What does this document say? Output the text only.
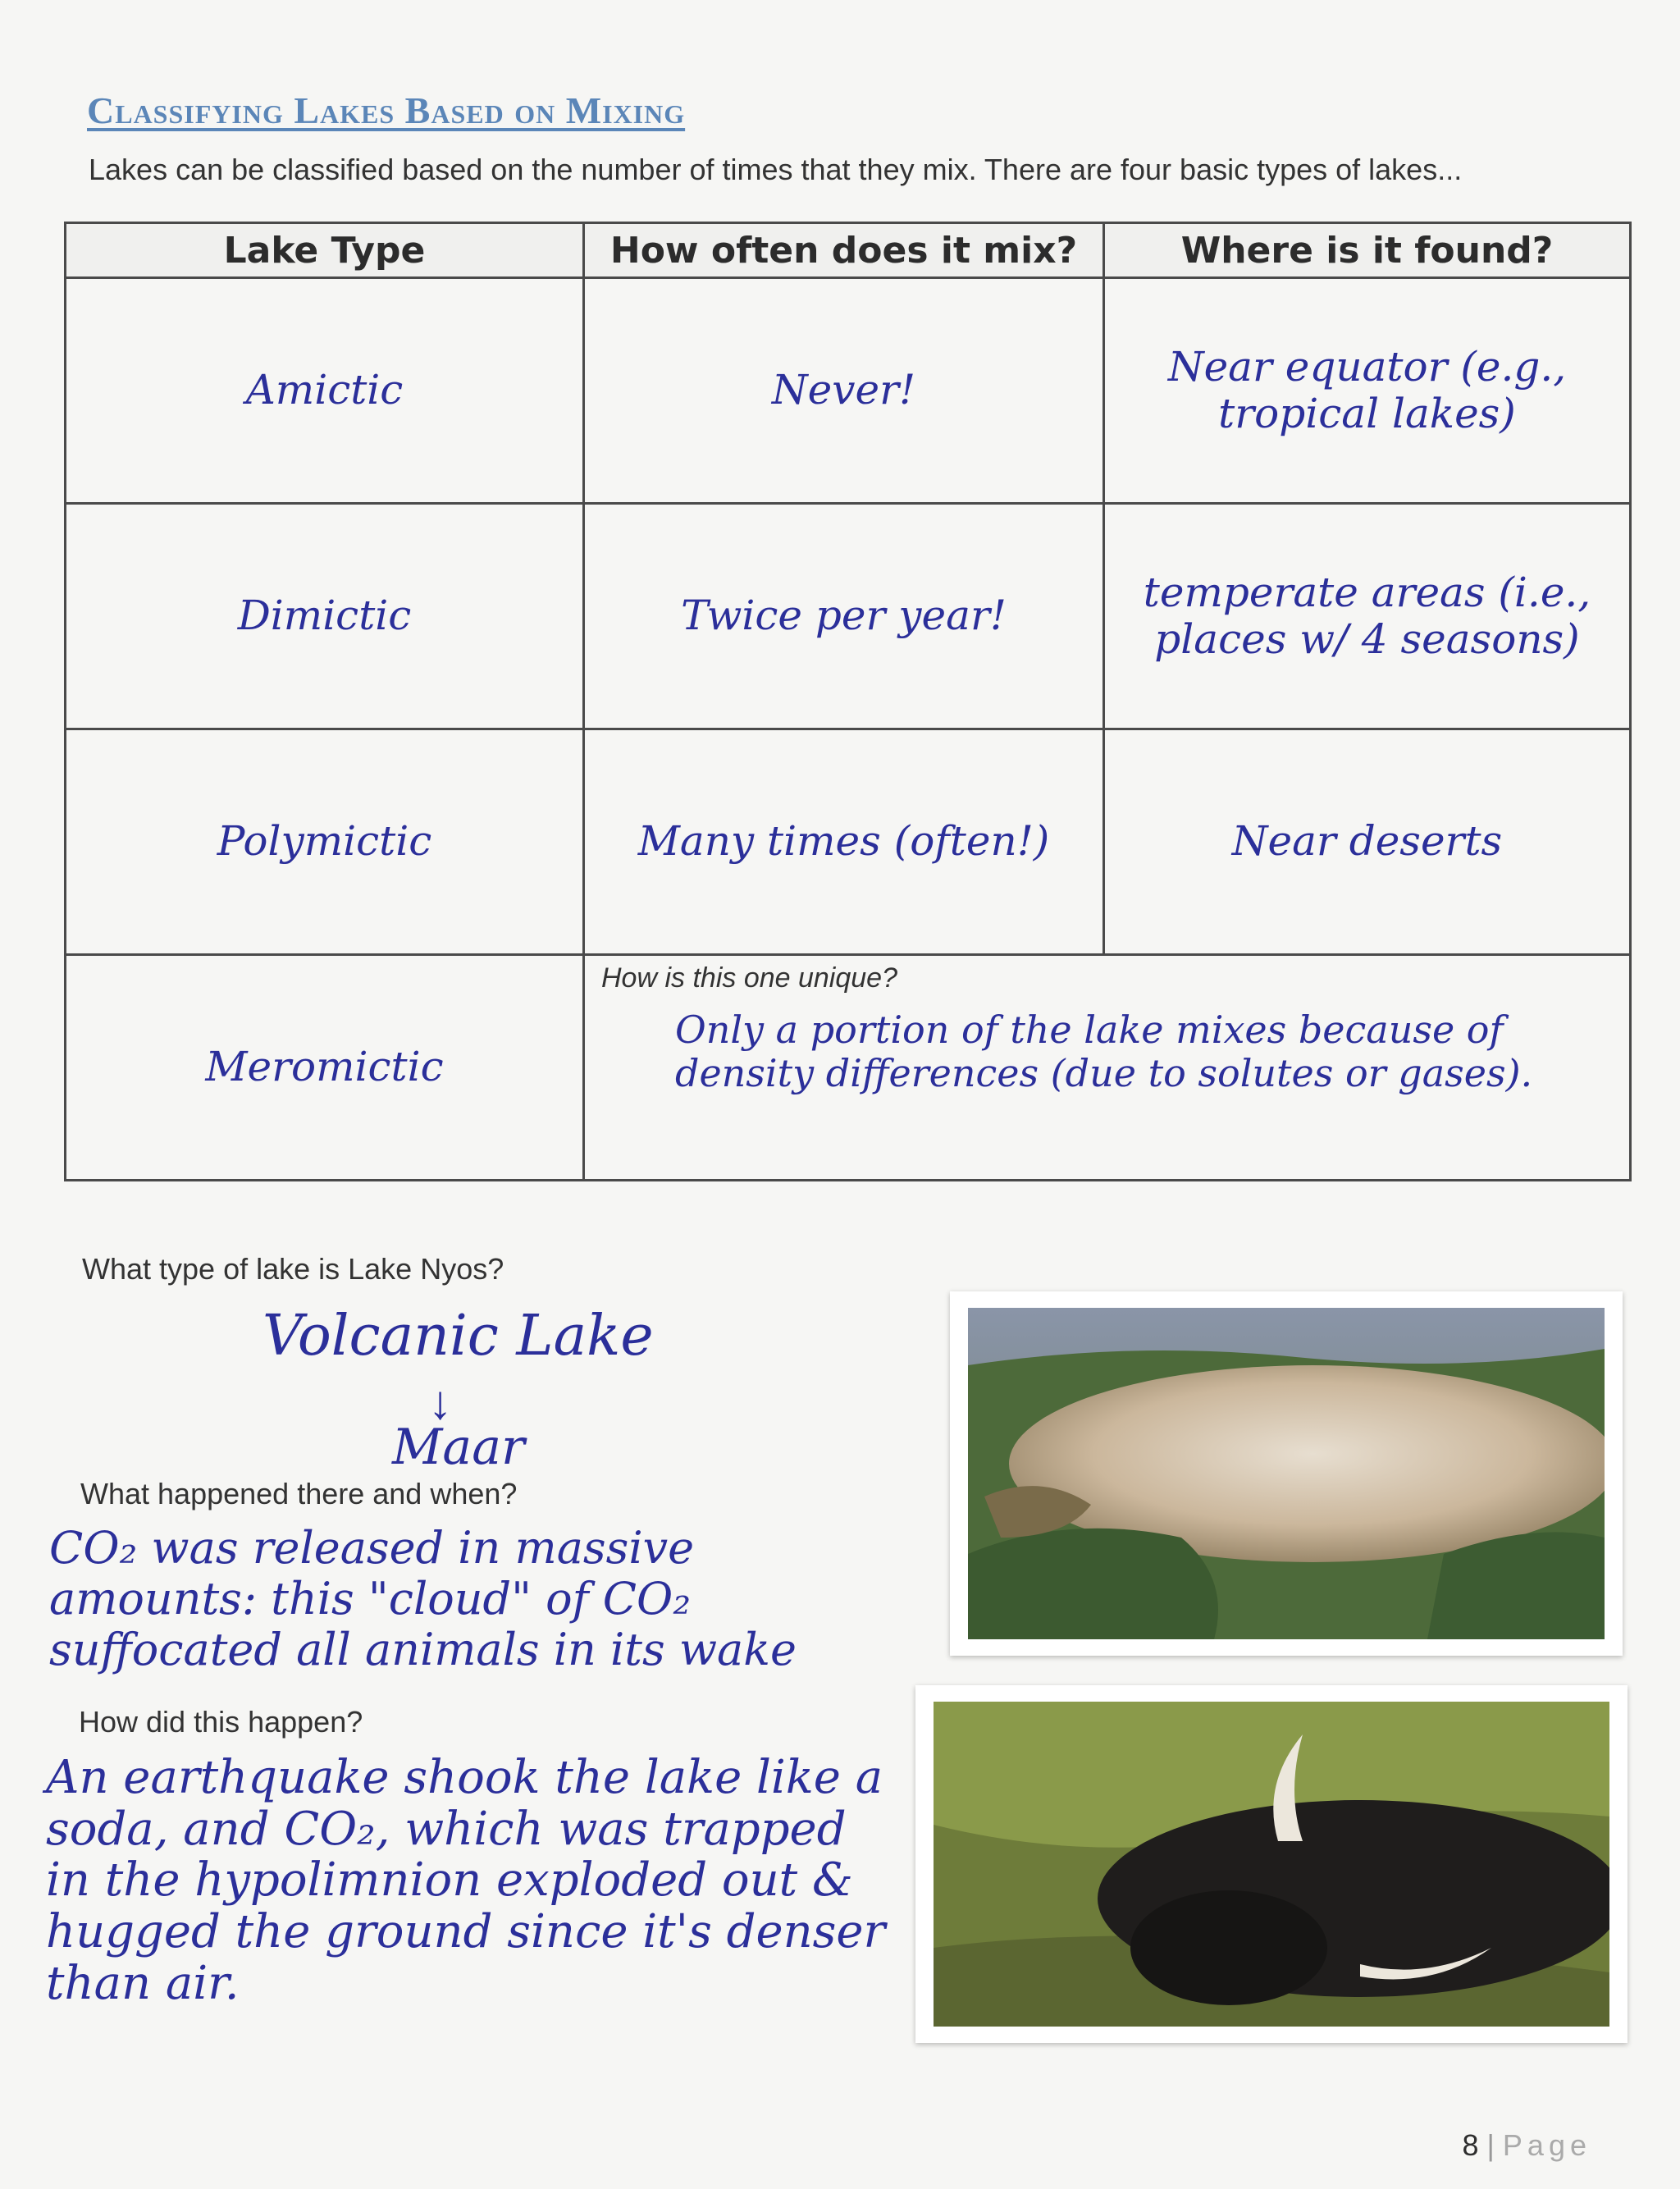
Classifying Lakes Based on Mixing
Lakes can be classified based on the number of times that they mix. There are four basic types of lakes...
Lake Type	How often does it mix?	Where is it found?
Amictic	Never!	Near equator (e.g., tropical lakes)
Dimictic	Twice per year!	temperate areas (i.e., places w/ 4 seasons)
Polymictic	Many times (often!)	Near deserts
Meromictic	How is this one unique?
Only a portion of the lake mixes because of density differences (due to solutes or gases).	
What type of lake is Lake Nyos?
Volcanic Lake
↓
Maar
What happened there and when?
CO₂ was released in massive amounts: this "cloud" of CO₂ suffocated all animals in its wake
How did this happen?
An earthquake shook the lake like a soda, and CO₂, which was trapped in the hypolimnion exploded out & hugged the ground since it's denser than air.
8 | Page
